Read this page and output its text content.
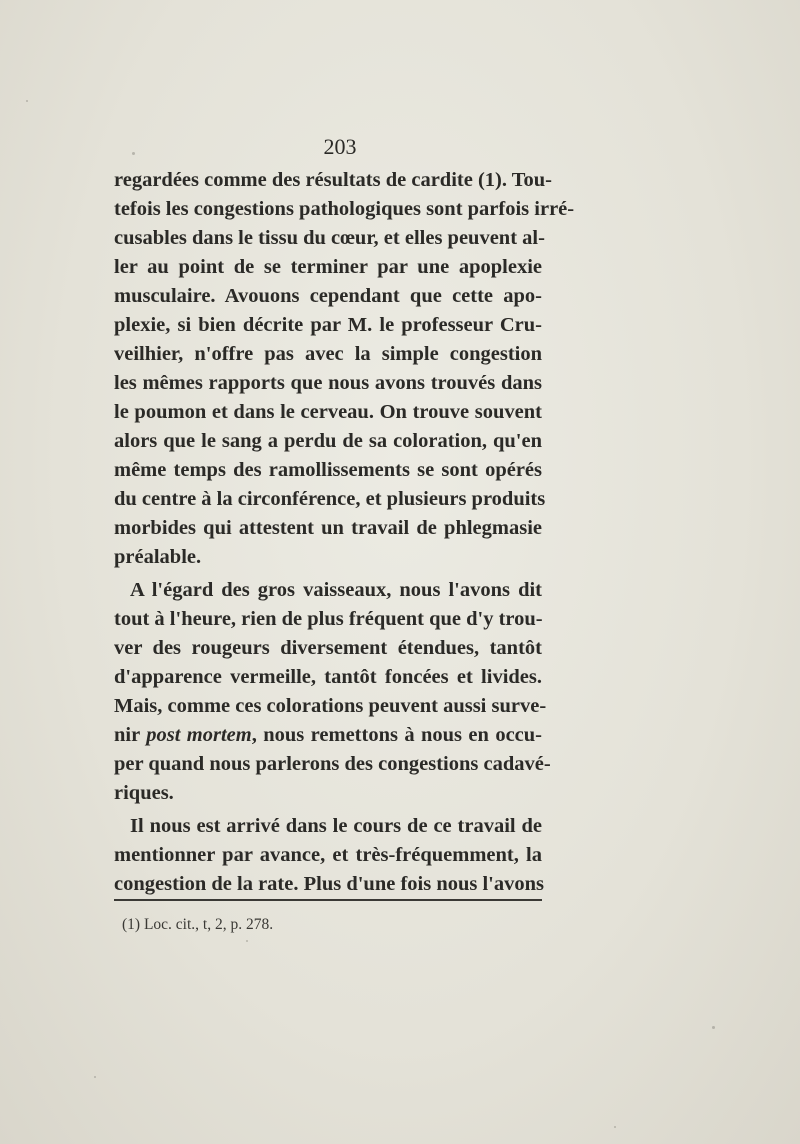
203
regardées comme des résultats de cardite (1). Tou-
tefois les congestions pathologiques sont parfois irré-
cusables dans le tissu du cœur, et elles peuvent al-
ler au point de se terminer par une apoplexie
musculaire. Avouons cependant que cette apo-
plexie, si bien décrite par M. le professeur Cru-
veilhier, n'offre pas avec la simple congestion
les mêmes rapports que nous avons trouvés dans
le poumon et dans le cerveau. On trouve souvent
alors que le sang a perdu de sa coloration, qu'en
même temps des ramollissements se sont opérés
du centre à la circonférence, et plusieurs produits
morbides qui attestent un travail de phlegmasie
préalable.
A l'égard des gros vaisseaux, nous l'avons dit
tout à l'heure, rien de plus fréquent que d'y trou-
ver des rougeurs diversement étendues, tantôt
d'apparence vermeille, tantôt foncées et livides.
Mais, comme ces colorations peuvent aussi surve-
nir post mortem, nous remettons à nous en occu-
per quand nous parlerons des congestions cadavé-
riques.
Il nous est arrivé dans le cours de ce travail de
mentionner par avance, et très-fréquemment, la
congestion de la rate. Plus d'une fois nous l'avons
(1) Loc. cit., t, 2, p. 278.
